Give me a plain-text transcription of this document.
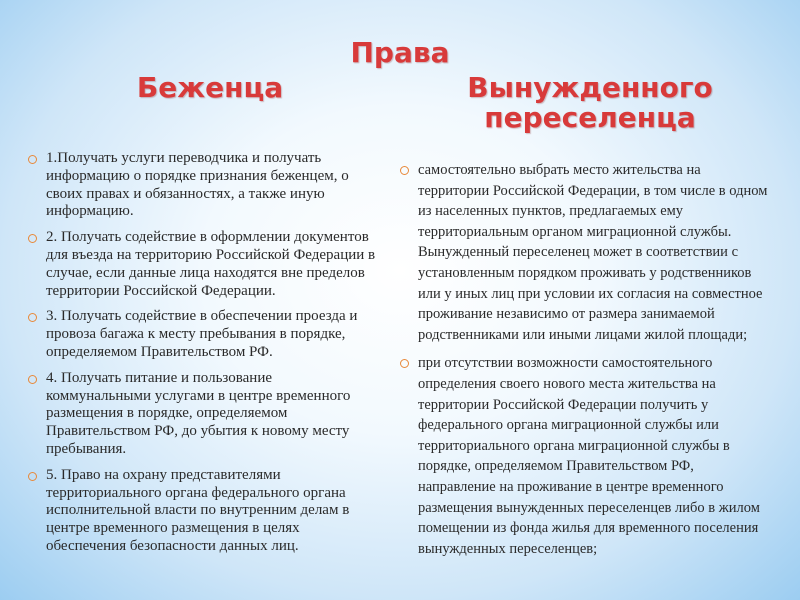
Права
Беженца	Вынужденного переселенца
1.Получать услуги переводчика и получать информацию о порядке признания беженцем, о своих правах и обязанностях, а также иную информацию.
2. Получать содействие в оформлении документов для въезда на территорию Российской Федерации в случае, если данные лица находятся вне пределов территории Российской Федерации.
3. Получать содействие в обеспечении проезда и провоза багажа к месту пребывания в порядке, определяемом Правительством РФ.
4. Получать питание и пользование коммунальными услугами в центре временного размещения в порядке, определяемом Правительством РФ, до убытия к новому месту пребывания.
5. Право на охрану представителями территориального органа федерального органа исполнительной власти по внутренним делам в центре временного размещения в целях обеспечения безопасности данных лиц.
самостоятельно выбрать место жительства на территории Российской Федерации, в том числе в одном из населенных пунктов, предлагаемых ему территориальным органом миграционной службы. Вынужденный переселенец может в соответствии с установленным порядком проживать у родственников или у иных лиц при условии их согласия на совместное проживание независимо от размера занимаемой родственниками или иными лицами жилой площади;
при отсутствии возможности самостоятельного определения своего нового места жительства на территории Российской Федерации получить у федерального органа миграционной службы или территориального органа миграционной службы в порядке, определяемом Правительством РФ, направление на проживание в центре временного размещения вынужденных переселенцев либо в жилом помещении из фонда жилья для временного поселения вынужденных переселенцев;
